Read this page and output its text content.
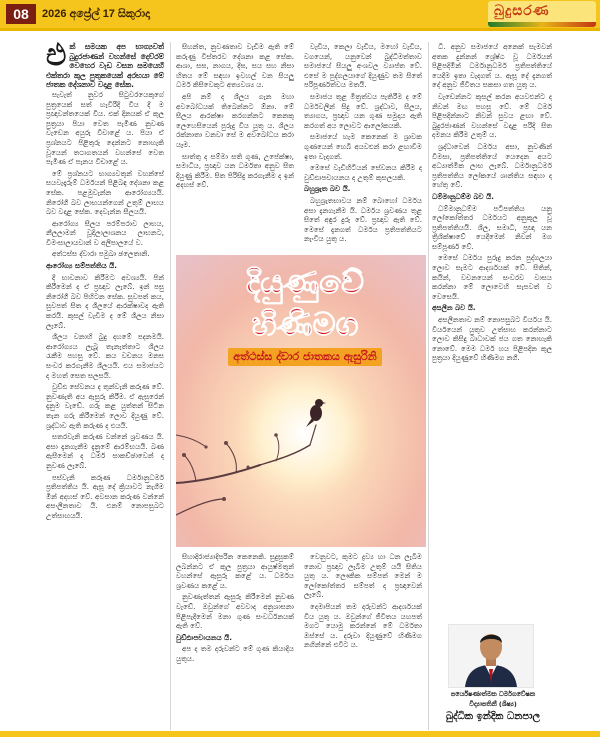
08	2026 අප්‍රේල් 17 සිකුරාදා	බුදුසරණ
එ ක් සමයක අප භාග්‍යවත් බුදුරජාණන් වහන්සේ දෙව්රම් වෙහෙර වැඩ වසන සමයෙහි එක්තරා කුල පුතුකයෙක් අරභයා මේ ජාතක දේශනාව වදාළ සේක.

සැවැත් නුවර සිටුවරයෙකුගේ පුත්‍රයෙක් සත් හැවිරිදි විය දී ම ප්‍රඥාවන්තයෙක් විය. එක් දිනයක් ඒ කුල පුත්‍රයා පියා වෙත පැමිණ නුවණ වැඩෙන අයුරු විචාළේ ය. පියා ඒ ප්‍රශ්නයට පිළිතුරු දෙන්නට නොහැකි වූයෙන් තථාගතයන් වහන්සේ වෙත පැමිණ ඒ පැනය විචාළේ ය.

මේ ප්‍රශ්නයට භාග්‍යවතුන් වහන්සේ සයවැදෑරුම් ධර්මයන් පිළිබඳ දේශනා කළ සේක. පළමුවැන්න ආරෝග්‍යයයි. නිරෝගී බව ලාභයන්ගෙන් උතුම් ලාභය බව වදාළ සේක. දෙවැන්න සීලයයි.

ආරෝග්‍ය සීලය පරම්පරාව ලාභය, නීලලාමන් වූදිලාලාශනය ලාභනට, වීමංසාලායවාන් ව අලිපාලයේ ව.

අත්ථස්ස ද්වාරා පමුඛා ඡලෙතානි.

ආරෝග්‍ය සම්පත්තිය යි.

දී භාවනාව කිරීමට අවශ්‍යයි. පින් කිරීමෙන් ද ඒ ප්‍රඥාව ලැබේ. ඉන් පසු නිරෝගී බව පිහිටන සේක. සුවපත් කය, සුවපත් සිත ද ශීලයේ ආරක්ෂාවද ඇති කරයි. කුසල් වැඩීම ද මේ ශීලය නිසා ලැබේ.

ශීලය වනාහි බුදු දහමේ පදනමයි. ආරෝග්‍යය ලැබූ තැනැත්තාට ශීලය රැකීම පහසු වේ. කය වචනය මනස සංවර කරගැනීම ශීලයයි. එය සමාජයට ද මහත් සෙත සලසයි.

වුඩ්ඪ සේවනය ද තුන්වැනි කරුණ වේ. නුවණැති අය ඇසුරු කිරීම. ඒ ඇසුරෙන් දැනුම වැඩේ. ගරු කළ යුත්තන් සිටින තැන ගරු කිරීමෙන් ලොව දියුණු වේ. ශ්‍රද්ධාව ඇති කරුණ ද එයයි.

සතරවැනි කරුණ වන්නේ ශ්‍රවණය යි. අසා දැනගැනීම දැනුමේ ආරම්භයයි. බණ ඇසීමෙන් ද ධර්ම සාකච්ඡාවෙන් ද නුවණ ලැබේ.

පස්වැනි කරුණ ධර්මානුධර්ම ප්‍රතිපත්තිය යි. ඇසූ දේ ක්‍රියාවට නැගීම මින් අදහස් වේ. අවසාන කරුණ වන්නේ අසංලීනතාව යි. එනම් නොපසුබට උත්සාහයයි.

සිහන්ත, නුවණතාව වැඩීම ඇති මේ කරුණු විස්තරව දේශනා කළ සේක. ආශා, සඝ, නාගය, දීඝ, සය සහ නිසා හිතය මේ සඳහා ඉවහල් වන සියලු ධර්ම කිසිවෙකුට අත්‍යවශ්‍ය ය.

අපි නම් ද ශීලය ගැන මහා අවබෝධයක් තිබෙන්නට ඕනා. මේ සීලය ආරක්ෂා කරගන්නට කෙනකු ලෙහෙසියෙන් පුරුදු විය යුතු ය. ශීලය රක්නාතා වනවා සේ ම අවබෝධය කරා යෑම.

සාත්තු ද සම්මා සති ගුණ, උපේක්ෂා, සමාධිය, ප්‍රඥාව යන ධර්මතා අනුව සිත දියුණු කිරීම. සිත පිරිසිදු කරගැනීම ද ඉන් අදහස් වේ.

වැඩිය, කෙලා වැඩිය, මහෝ වැඩිය, වගයෙන්, යනුවෙන් බුද්ධිමත්තාව සමාජයේ සියලු අංශවල ව්‍යාප්ත වේ. එසේ ම පුද්ගලයාගේ දියුණුව තම සිතේ පරිපූර්ණත්වය මතයි.

සමාජය තුළ මිත්‍රත්වය පැතිරීම ද මේ ධර්මවලින් සිදු වේ. ශ්‍රද්ධාව, සීලය, ත්‍යාගය, ප්‍රඥාව යන ගුණ සමුදාය ඇති කරගත් අය ලොවට ආලෝකයකි.

සමාජයේ හැම කෙනෙක් ම ශ්‍රාවක ගුණයෙන් හෙබි අයවළුන් කරා ළඟාවීම ඉතා වැදගත්.

මෙසේ වැඩිහිටියන් සේවනය කිරීම ද වුඩ්ඪාපචායනය ද උතුම් කුසලයකි.

බහුශ්‍රැත බව යි.

බහුශ්‍රැතභාවය නම් බොහෝ ධර්මය අසා දැනගැනීම යි. ධර්මය ශ්‍රවණය තුළ සිතේ අඳුර දුරු වේ. ප්‍රඥාව ඇති වේ. මෙසේ දැනගත් ධර්මය ප්‍රතිපත්තියට නැංවිය යුතු ය.

ධි. අනුව සමාජයේ අනෙක් සැමවන් අතක දුන්නන් ශ්‍රේෂ්ඨ වූ ධර්මයන් පිළිපදිමින් ධර්මානුධර්ම ප්‍රතිපත්තියේ යෙදීම ඉතා වැදගත් ය. ඇසූ දේ දැනගත් දේ අනුව ජීවිතය සකසා ගත යුතු ය.

වැඩෙන්නට කුසල් කරන අයවළුන්ට ද නිවන් මඟ පහසු වේ. මේ ධර්ම පිළිපදින්නාට නිවන් සුවය ළඟා වේ. බුදුරජාණන් වහන්සේ වදාළ පරිදි සිත දමනය කිරීම උතුම් ය.

ශ්‍රද්ධාවෙන් ධර්මය අසා, නුවණින් විමසා, ප්‍රතිපත්තියේ යෙදෙන අයට අධ්‍යාත්මික ලාභ ලැබේ. ධර්මානුධර්ම ප්‍රතිපත්තිය ලෝකයේ ශාන්තිය සඳහා ද හේතු වේ.

ධම්මානුධම්ම බව යි.

ධම්මානුධම්ම පටිපත්තිය යනු ලෝකෝත්තර ධර්මයට අනුකූල වූ ප්‍රතිපත්තියයි. ශීල, සමාධි, ප්‍රඥා යන ත්‍රිශික්ෂාවේ යෙදීමෙන් නිවන් මග සම්පූර්ණ වේ.

මෙසේ ධර්මය පුරුදු කරන පුද්ගලයා ලොව සැමට ආදර්ශයක් වේ. සිතින්, කයින්, වචනයෙන් සංවරව වාසය කරන්නා මේ ලොවෙහි සැපවත් ව වෙසෙයි.

අසලීන බව යි.

අසලීනතාව නම් නොපසුබට වීර්යය යි. වීර්යයෙන් යුතුව උත්සාහ කරන්නාට ලොව කිසිදු බාධාවක් ජය ගත නොහැකි නොවේ. මෙම ධර්ම හය පිළිපදින කුල පුත්‍රයා දියුණුවේ හිණිමග නගී.

දියුණුවේ
හිණිමග
අත්ථස්ස ද්වාර ජාතකය ඇසුරිනි

සිහාදිරාජ්‍යාදිපරින කෙනෙකි. සුදුසුකම් ලබන්නට ඒ කුල පුත්‍රයා ආයුෂ්මතුන් වහන්සේ ඇසුරු කළේ ය. ධර්මය ශ්‍රවණය කළේ ය.

නුවණැත්තන් ඇසුරු කිරීමෙන් නුවණ වැඩේ. ඔවුන්ගේ අවවාද අනුශාසනා පිළිපැදීමෙන් මනා ගුණ සංවර්ධනයක් ඇති වේ.

වුඩ්ඪාපචායනය යි.

අප ද තම දරුවන්ට මේ ගුණ කියාදිය යුතුය.

වෙනුවට, කුමට ද්‍රව්‍ය හා ධන ලැබීම නොව ප්‍රඥාව ලැබීම උතුම් යයි සිතිය යුතු ය. ලෞකික සම්පත් මෙන් ම ලෝකෝත්තර සම්පත් ද ප්‍රඥාවෙන් ලැබේ.

දෙමාපියන් තම දරුවන්ට ආදර්ශයක් විය යුතු ය. ඔවුන්ගේ ජීවිතය යහපත් මගට යොමු කරන්නේ මේ ධර්මතා ඔස්සේ ය. දරුවා දියුණුවේ හිණිමග නගින්නේ එවිට ය.

පර්යේෂණාත්මක ධර්මගවේෂක
විද්‍යාපතිනී (ශිෂ්‍ය)
බුද්ධික ඉන්දික ධනපාල
